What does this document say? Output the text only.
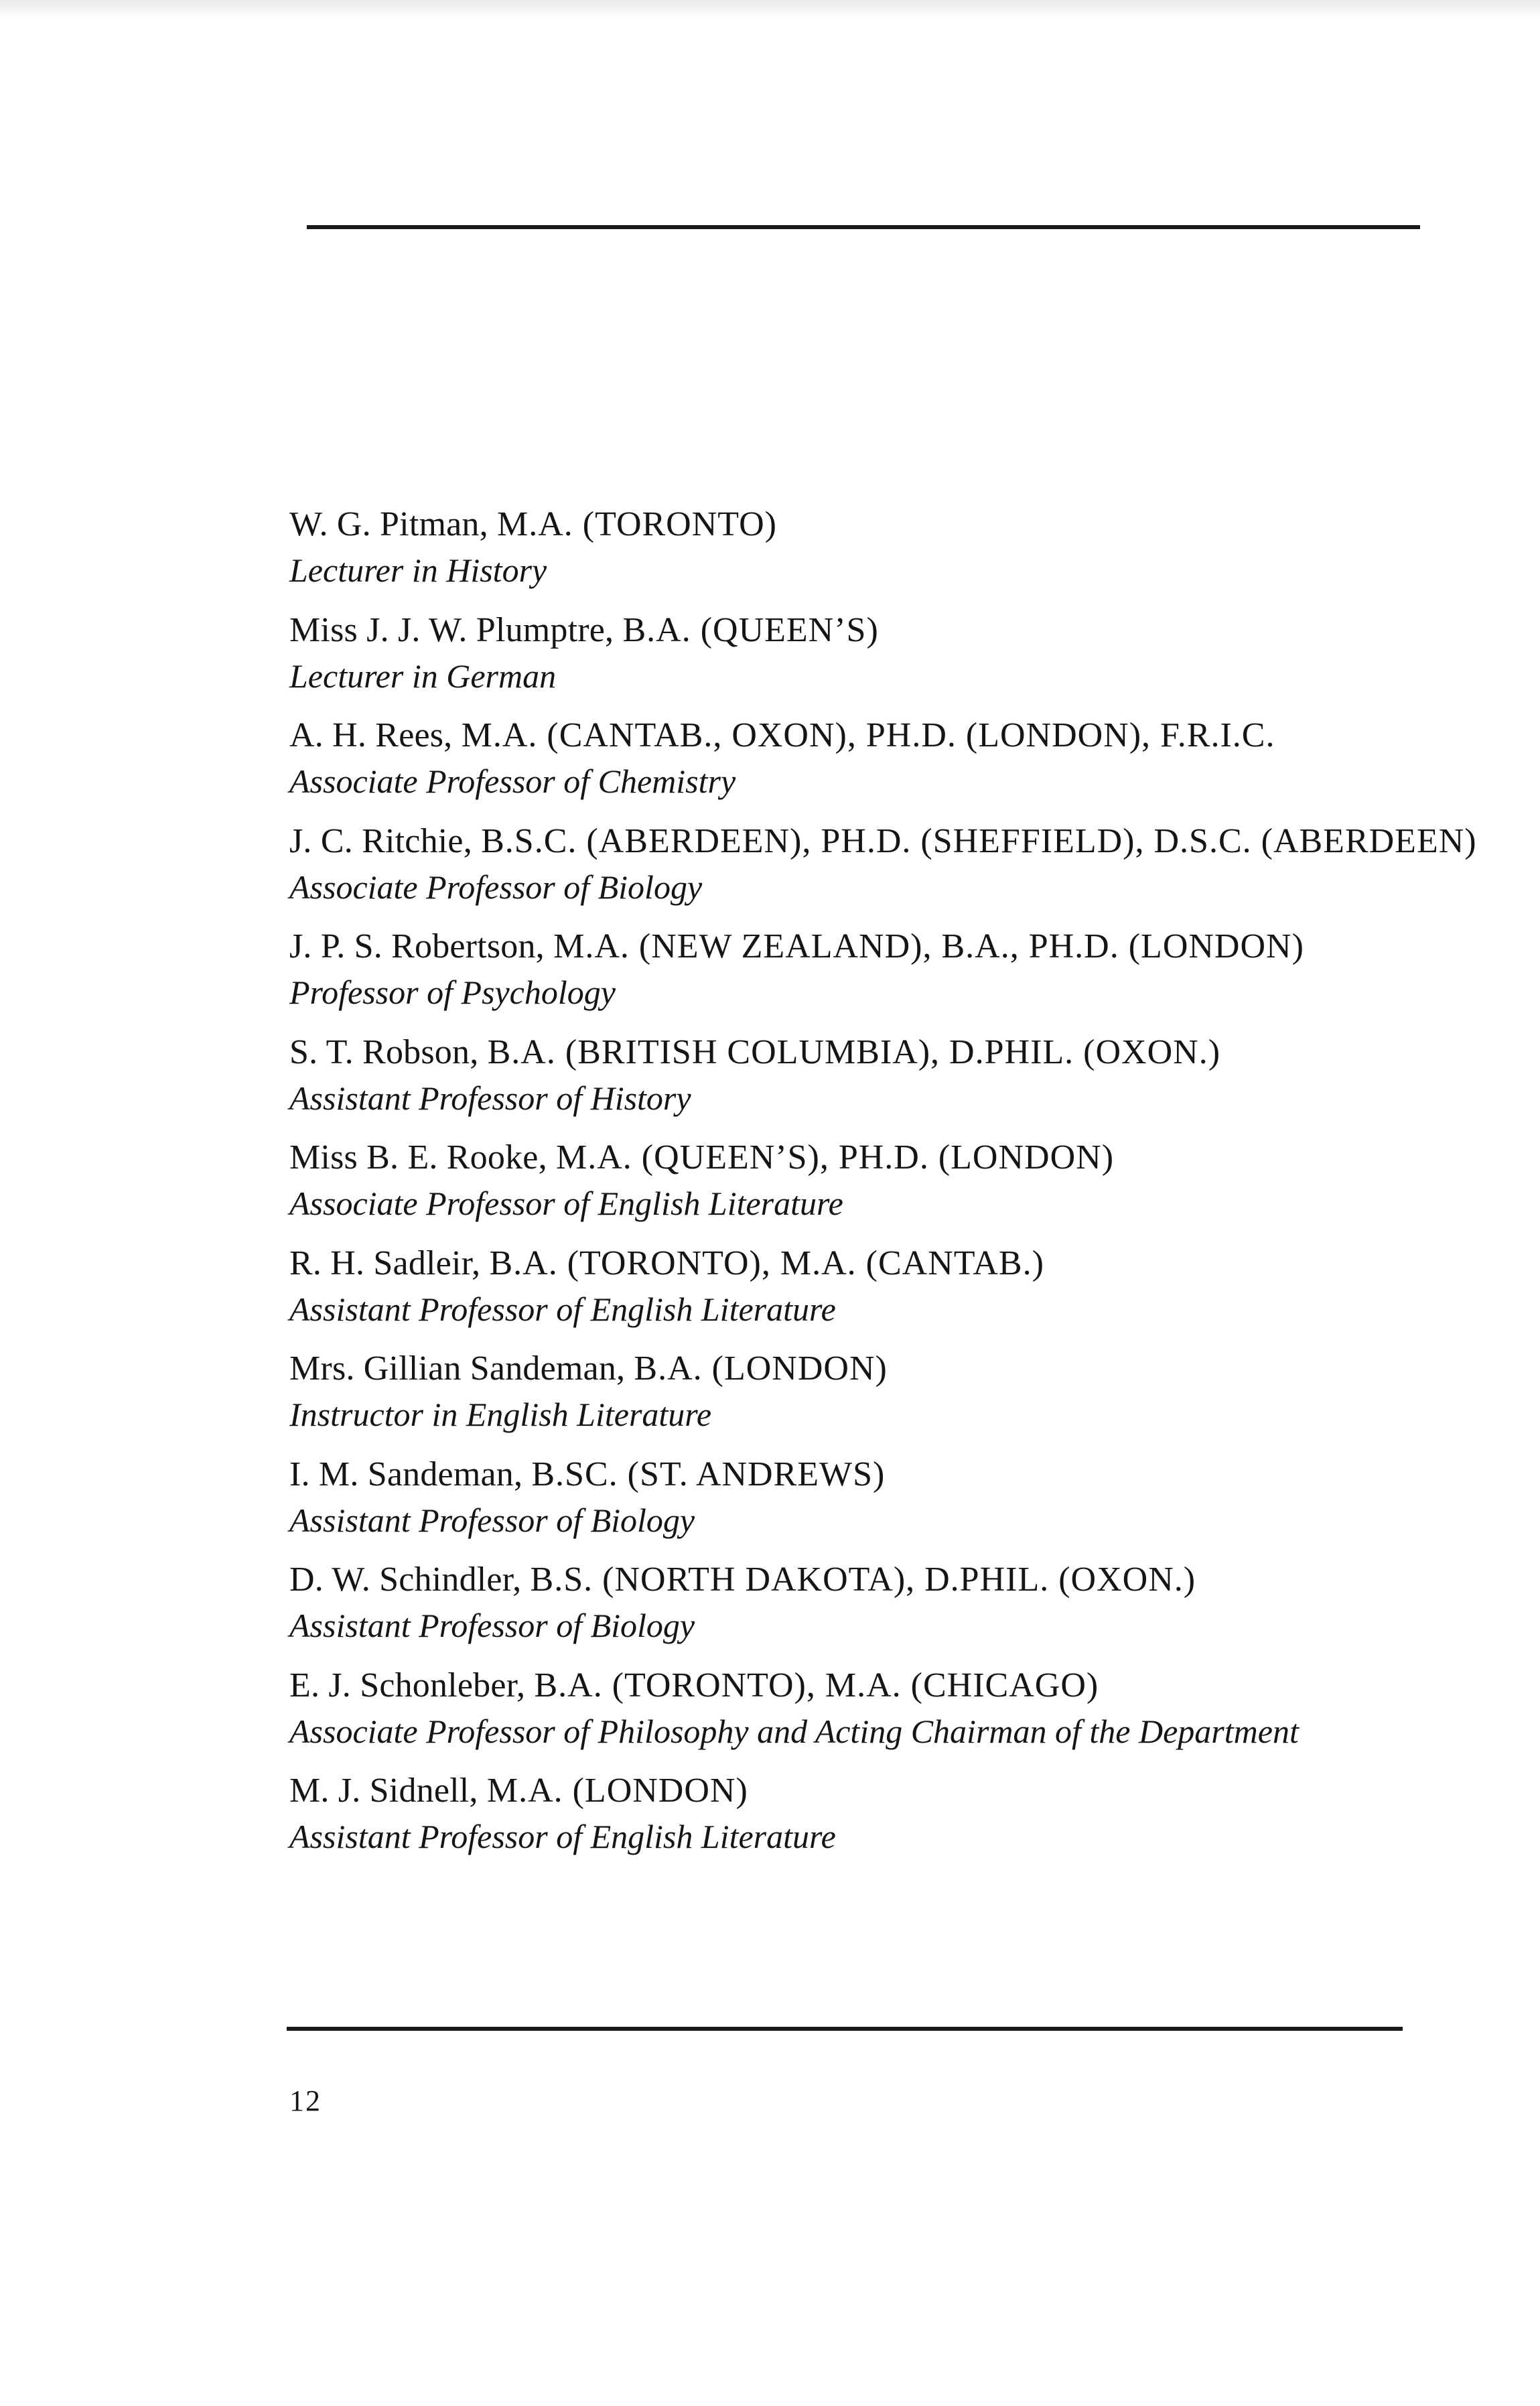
W. G. Pitman, M.A. (TORONTO)
Lecturer in History
Miss J. J. W. Plumptre, B.A. (QUEEN’S)
Lecturer in German
A. H. Rees, M.A. (CANTAB., OXON), PH.D. (LONDON), F.R.I.C.
Associate Professor of Chemistry
J. C. Ritchie, B.S.C. (ABERDEEN), PH.D. (SHEFFIELD), D.S.C. (ABERDEEN)
Associate Professor of Biology
J. P. S. Robertson, M.A. (NEW ZEALAND), B.A., PH.D. (LONDON)
Professor of Psychology
S. T. Robson, B.A. (BRITISH COLUMBIA), D.PHIL. (OXON.)
Assistant Professor of History
Miss B. E. Rooke, M.A. (QUEEN’S), PH.D. (LONDON)
Associate Professor of English Literature
R. H. Sadleir, B.A. (TORONTO), M.A. (CANTAB.)
Assistant Professor of English Literature
Mrs. Gillian Sandeman, B.A. (LONDON)
Instructor in English Literature
I. M. Sandeman, B.SC. (ST. ANDREWS)
Assistant Professor of Biology
D. W. Schindler, B.S. (NORTH DAKOTA), D.PHIL. (OXON.)
Assistant Professor of Biology
E. J. Schonleber, B.A. (TORONTO), M.A. (CHICAGO)
Associate Professor of Philosophy and Acting Chairman of the Department
M. J. Sidnell, M.A. (LONDON)
Assistant Professor of English Literature
12
